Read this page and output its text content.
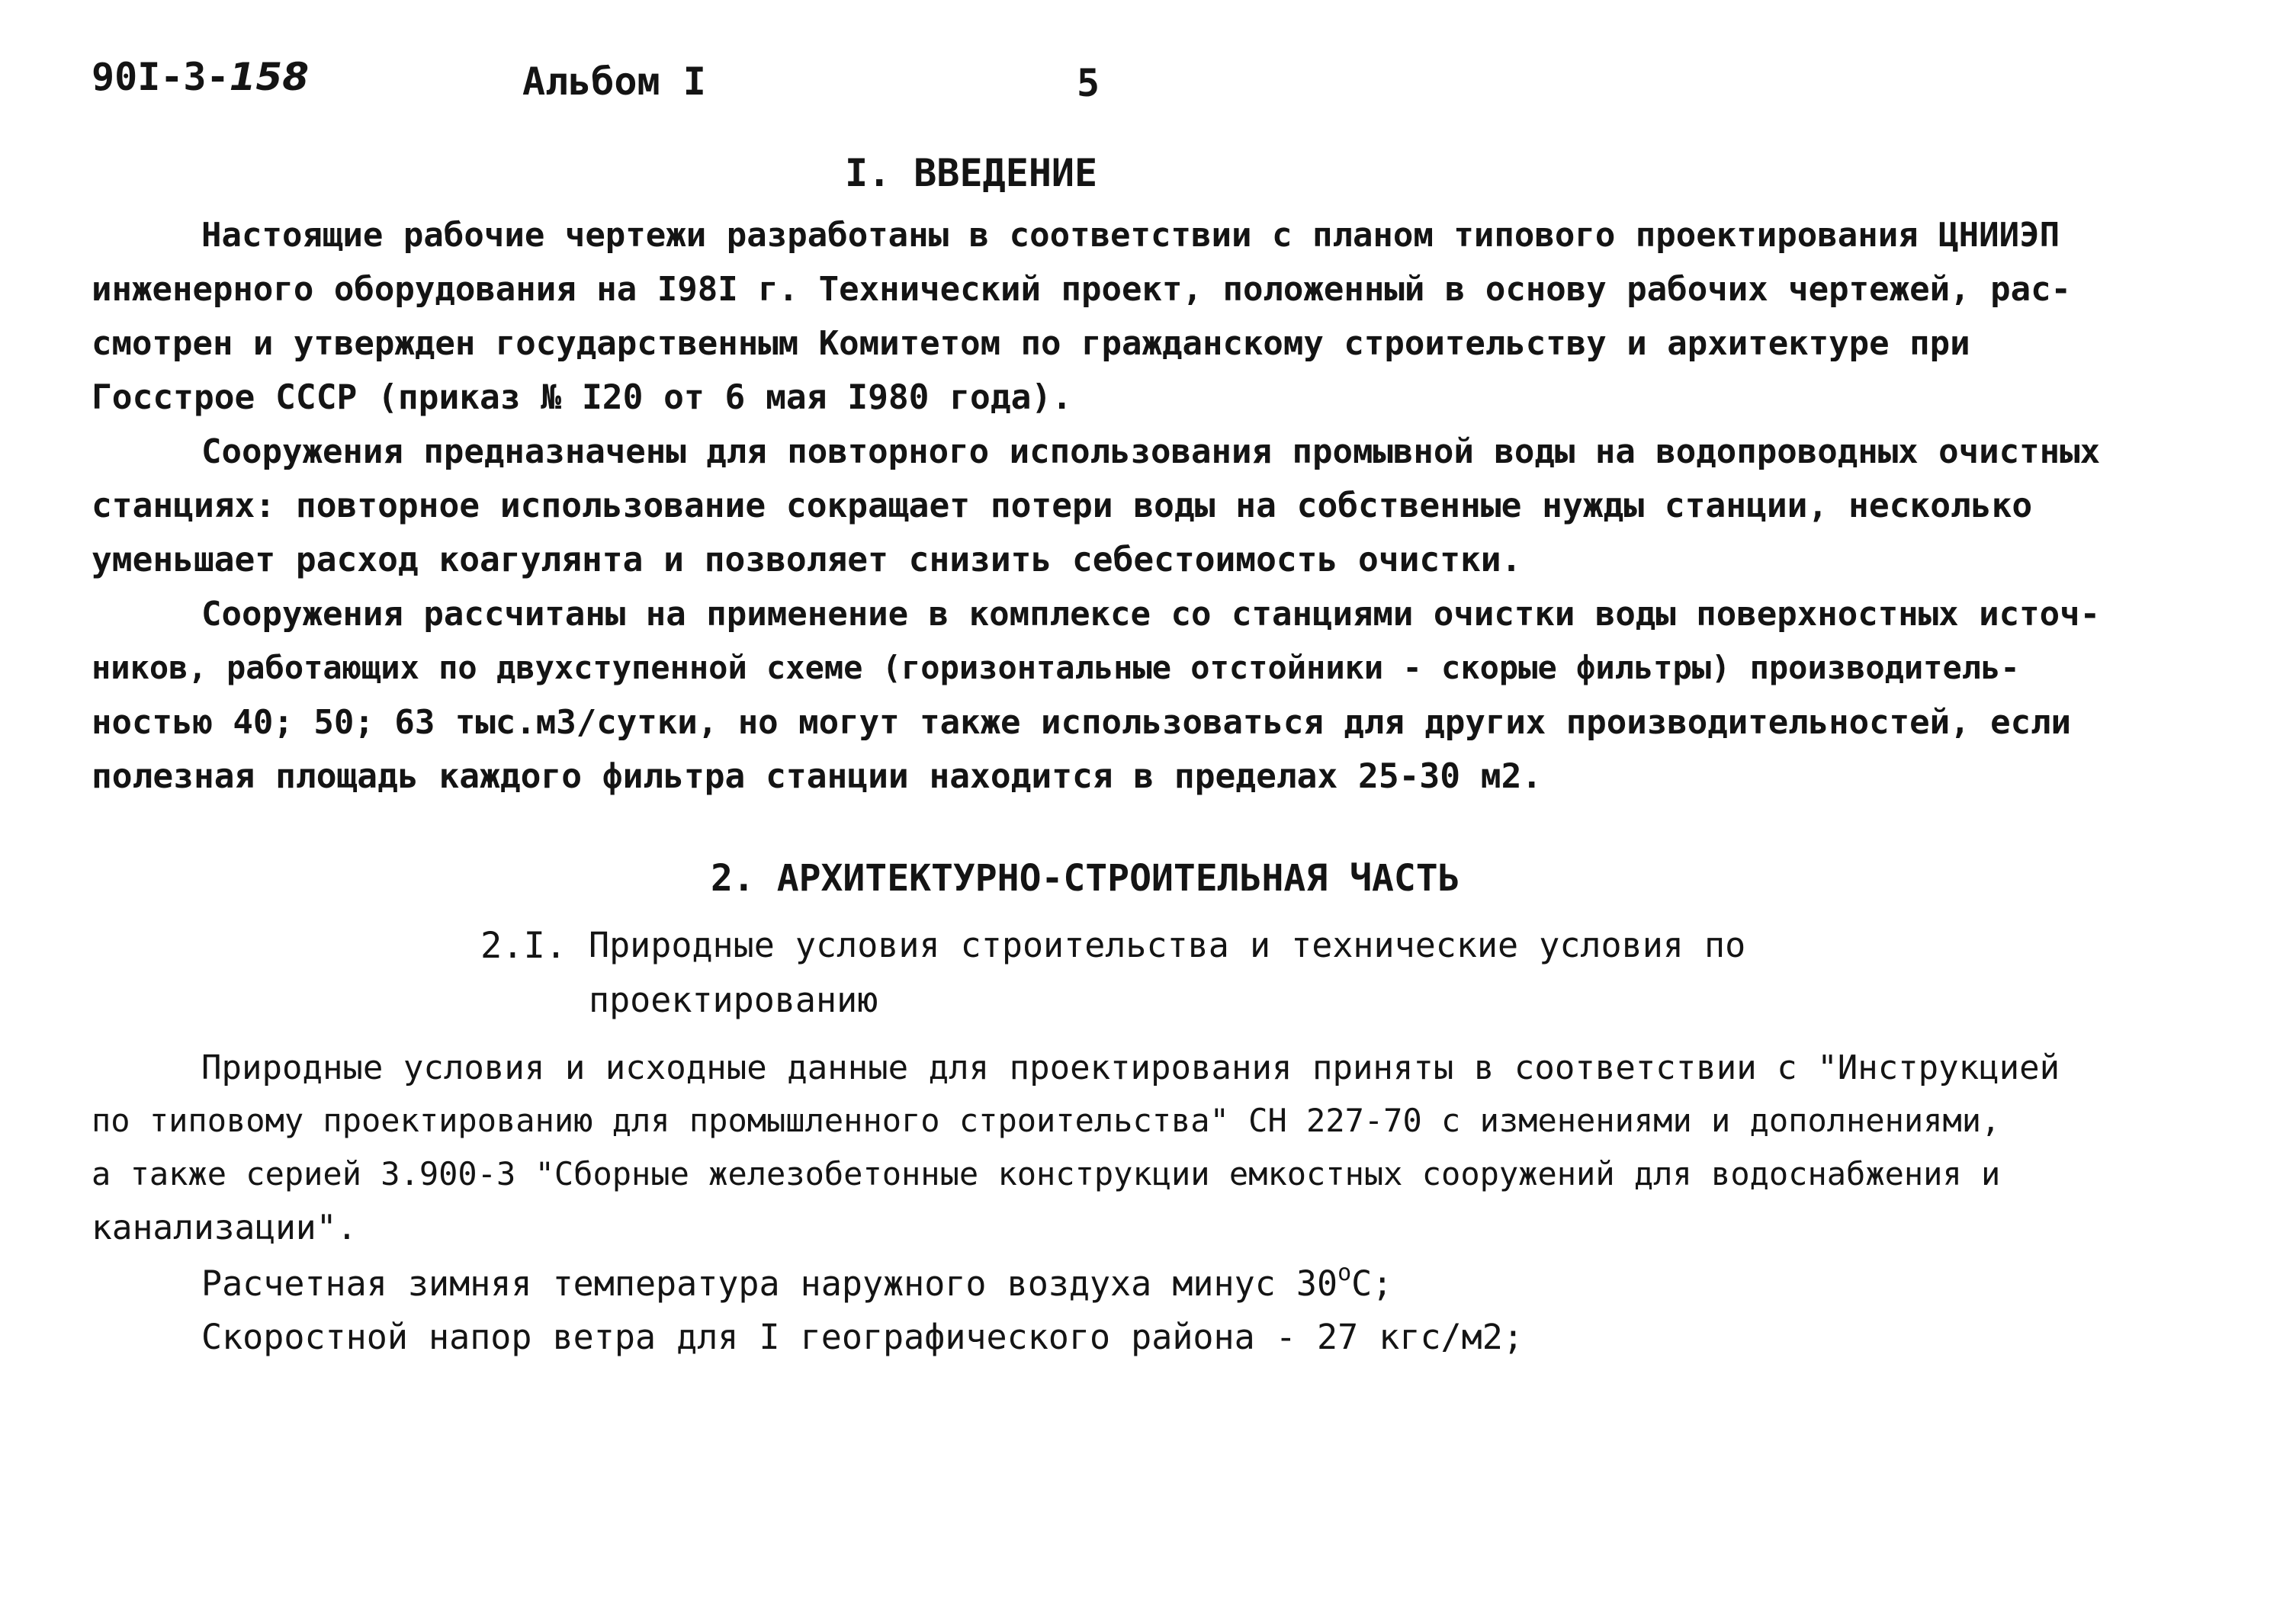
90I-3-158	Альбом I	5
I. ВВЕДЕНИЕ
Настоящие рабочие чертежи разработаны в соответствии с планом типового проектирования ЦНИИЭП
инженерного оборудования на I98I г. Технический проект, положенный в основу рабочих чертежей, рас-
смотрен и утвержден государственным Комитетом по гражданскому строительству и архитектуре при
Госстрое СССР (приказ № I20 от 6 мая I980 года).
Сооружения предназначены для повторного использования промывной воды на водопроводных очистных
станциях: повторное использование сокращает потери воды на собственные нужды станции, несколько
уменьшает расход коагулянта и позволяет снизить себестоимость очистки.
Сооружения рассчитаны на применение в комплексе со станциями очистки воды поверхностных источ-
ников, работающих по двухступенной схеме (горизонтальные отстойники - скорые фильтры) производитель-
ностью 40; 50; 63 тыс.м3/сутки, но могут также использоваться для других производительностей, если
полезная площадь каждого фильтра станции находится в пределах 25-30 м2.
2. АРХИТЕКТУРНО-СТРОИТЕЛЬНАЯ ЧАСТЬ
2.I. Природные условия строительства и технические условия по
проектированию
Природные условия и исходные данные для проектирования приняты в соответствии с "Инструкцией
по типовому проектированию для промышленного строительства" СН 227-70 с изменениями и дополнениями,
а также серией 3.900-3 "Сборные железобетонные конструкции емкостных сооружений для водоснабжения и
канализации".
Расчетная зимняя температура наружного воздуха минус $30^оС$;
Скоростной напор ветра для I географического района - 27 кгс/м2;
